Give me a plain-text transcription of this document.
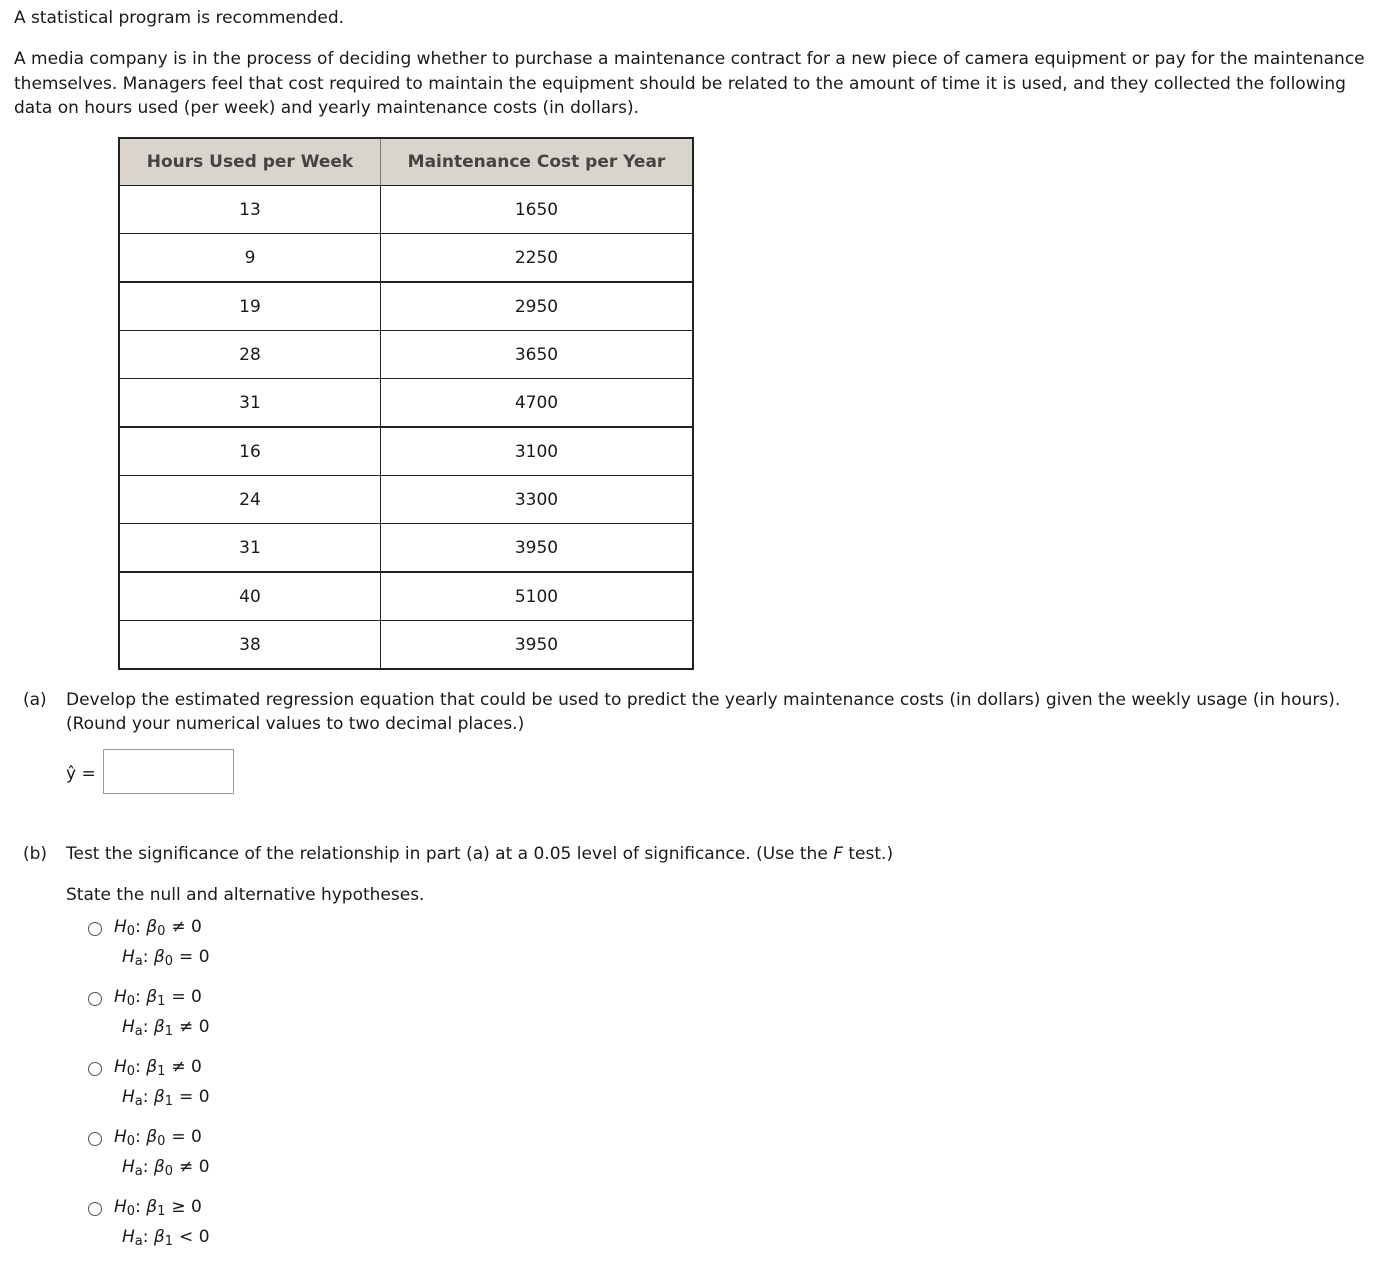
A statistical program is recommended.

A media company is in the process of deciding whether to purchase a maintenance contract for a new piece of camera equipment or pay for the maintenance themselves. Managers feel that cost required to maintain the equipment should be related to the amount of time it is used, and they collected the following data on hours used (per week) and yearly maintenance costs (in dollars).

Hours Used per Week	Maintenance Cost per Year
13	1650
9	2250
19	2950
28	3650
31	4700
16	3100
24	3300
31	3950
40	5100
38	3950
(a) Develop the estimated regression equation that could be used to predict the yearly maintenance costs (in dollars) given the weekly usage (in hours).

(Round your numerical values to two decimal places.)

ŷ =
(b) Test the significance of the relationship in part (a) at a 0.05 level of significance. (Use the F test.)

State the null and alternative hypotheses.

$H_0$: $\beta_0 \ne 0$
$H_a$: $\beta_0 = 0$
$H_0$: $\beta_1 = 0$
$H_a$: $\beta_1 \ne 0$
$H_0$: $\beta_1 \ne 0$
$H_a$: $\beta_1 = 0$
$H_0$: $\beta_0 = 0$
$H_a$: $\beta_0 \ne 0$
$H_0$: $\beta_1 \ge 0$
$H_a$: $\beta_1 < 0$
